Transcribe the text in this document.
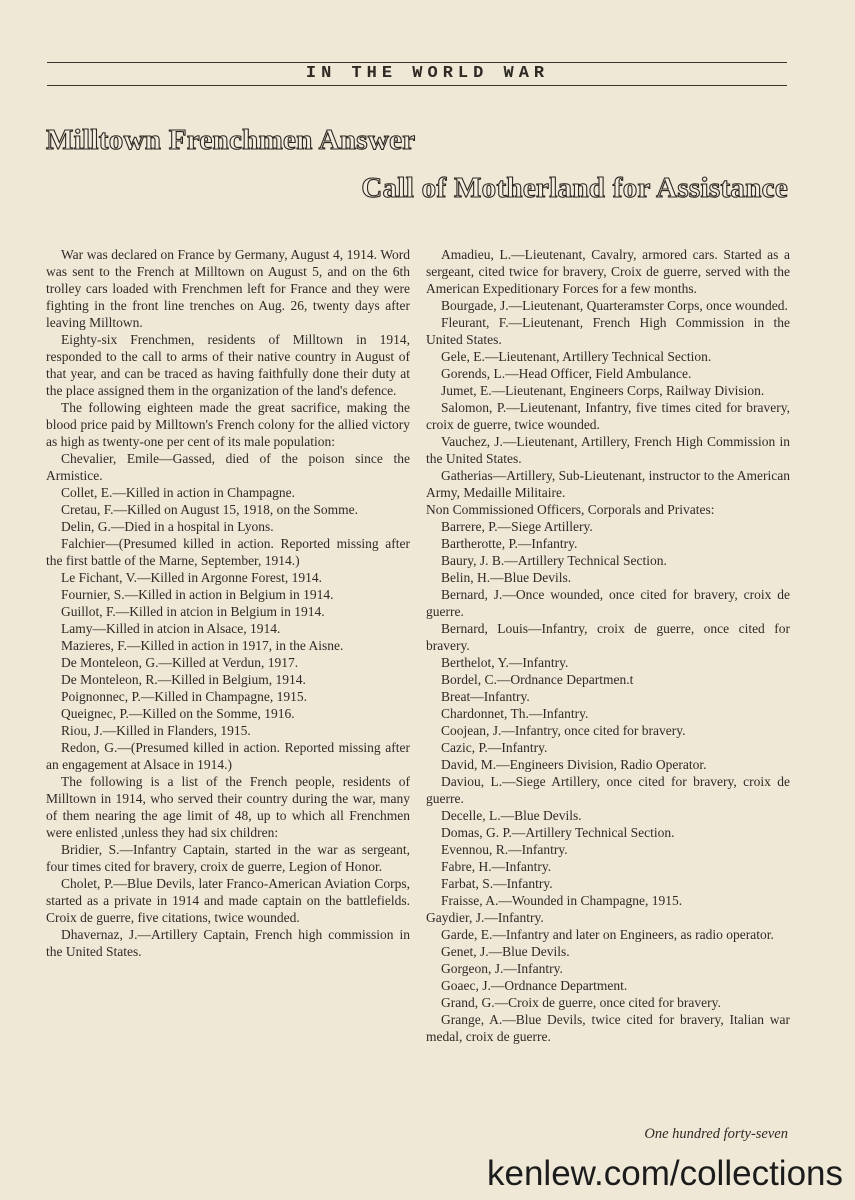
IN THE WORLD WAR
Milltown Frenchmen Answer
Call of Motherland for Assistance

War was declared on France by Germany, August 4, 1914. Word was sent to the French at Milltown on August 5, and on the 6th trolley cars loaded with Frenchmen left for France and they were fighting in the front line trenches on Aug. 26, twenty days after leaving Milltown.

Eighty-six Frenchmen, residents of Milltown in 1914, responded to the call to arms of their native country in August of that year, and can be traced as having faithfully done their duty at the place assigned them in the organization of the land's defence.

The following eighteen made the great sacrifice, making the blood price paid by Milltown's French colony for the allied victory as high as twenty-one per cent of its male population:

Chevalier, Emile—Gassed, died of the poison since the Armistice.

Collet, E.—Killed in action in Champagne.

Cretau, F.—Killed on August 15, 1918, on the Somme.

Delin, G.—Died in a hospital in Lyons.

Falchier—(Presumed killed in action. Reported missing after the first battle of the Marne, September, 1914.)

Le Fichant, V.—Killed in Argonne Forest, 1914.

Fournier, S.—Killed in action in Belgium in 1914.

Guillot, F.—Killed in atcion in Belgium in 1914.

Lamy—Killed in atcion in Alsace, 1914.

Mazieres, F.—Killed in action in 1917, in the Aisne.

De Monteleon, G.—Killed at Verdun, 1917.

De Monteleon, R.—Killed in Belgium, 1914.

Poignonnec, P.—Killed in Champagne, 1915.

Queignec, P.—Killed on the Somme, 1916.

Riou, J.—Killed in Flanders, 1915.

Redon, G.—(Presumed killed in action. Reported missing after an engagement at Alsace in 1914.)

The following is a list of the French people, residents of Milltown in 1914, who served their country during the war, many of them nearing the age limit of 48, up to which all Frenchmen were enlisted ,unless they had six children:

Bridier, S.—Infantry Captain, started in the war as sergeant, four times cited for bravery, croix de guerre, Legion of Honor.

Cholet, P.—Blue Devils, later Franco-American Aviation Corps, started as a private in 1914 and made captain on the battlefields. Croix de guerre, five citations, twice wounded.

Dhavernaz, J.—Artillery Captain, French high commission in the United States.

Amadieu, L.—Lieutenant, Cavalry, armored cars. Started as a sergeant, cited twice for bravery, Croix de guerre, served with the American Expeditionary Forces for a few months.

Bourgade, J.—Lieutenant, Quarteramster Corps, once wounded.

Fleurant, F.—Lieutenant, French High Commission in the United States.

Gele, E.—Lieutenant, Artillery Technical Section.

Gorends, L.—Head Officer, Field Ambulance.

Jumet, E.—Lieutenant, Engineers Corps, Railway Division.

Salomon, P.—Lieutenant, Infantry, five times cited for bravery, croix de guerre, twice wounded.

Vauchez, J.—Lieutenant, Artillery, French High Commission in the United States.

Gatherias—Artillery, Sub-Lieutenant, instructor to the American Army, Medaille Militaire.

Non Commissioned Officers, Corporals and Privates:

Barrere, P.—Siege Artillery.

Bartherotte, P.—Infantry.

Baury, J. B.—Artillery Technical Section.

Belin, H.—Blue Devils.

Bernard, J.—Once wounded, once cited for bravery, croix de guerre.

Bernard, Louis—Infantry, croix de guerre, once cited for bravery.

Berthelot, Y.—Infantry.

Bordel, C.—Ordnance Departmen.t

Breat—Infantry.

Chardonnet, Th.—Infantry.

Coojean, J.—Infantry, once cited for bravery.

Cazic, P.—Infantry.

David, M.—Engineers Division, Radio Operator.

Daviou, L.—Siege Artillery, once cited for bravery, croix de guerre.

Decelle, L.—Blue Devils.

Domas, G. P.—Artillery Technical Section.

Evennou, R.—Infantry.

Fabre, H.—Infantry.

Farbat, S.—Infantry.

Fraisse, A.—Wounded in Champagne, 1915.

Gaydier, J.—Infantry.

Garde, E.—Infantry and later on Engineers, as radio operator.

Genet, J.—Blue Devils.

Gorgeon, J.—Infantry.

Goaec, J.—Ordnance Department.

Grand, G.—Croix de guerre, once cited for bravery.

Grange, A.—Blue Devils, twice cited for bravery, Italian war medal, croix de guerre.

One hundred forty-seven
kenlew.com/collections
